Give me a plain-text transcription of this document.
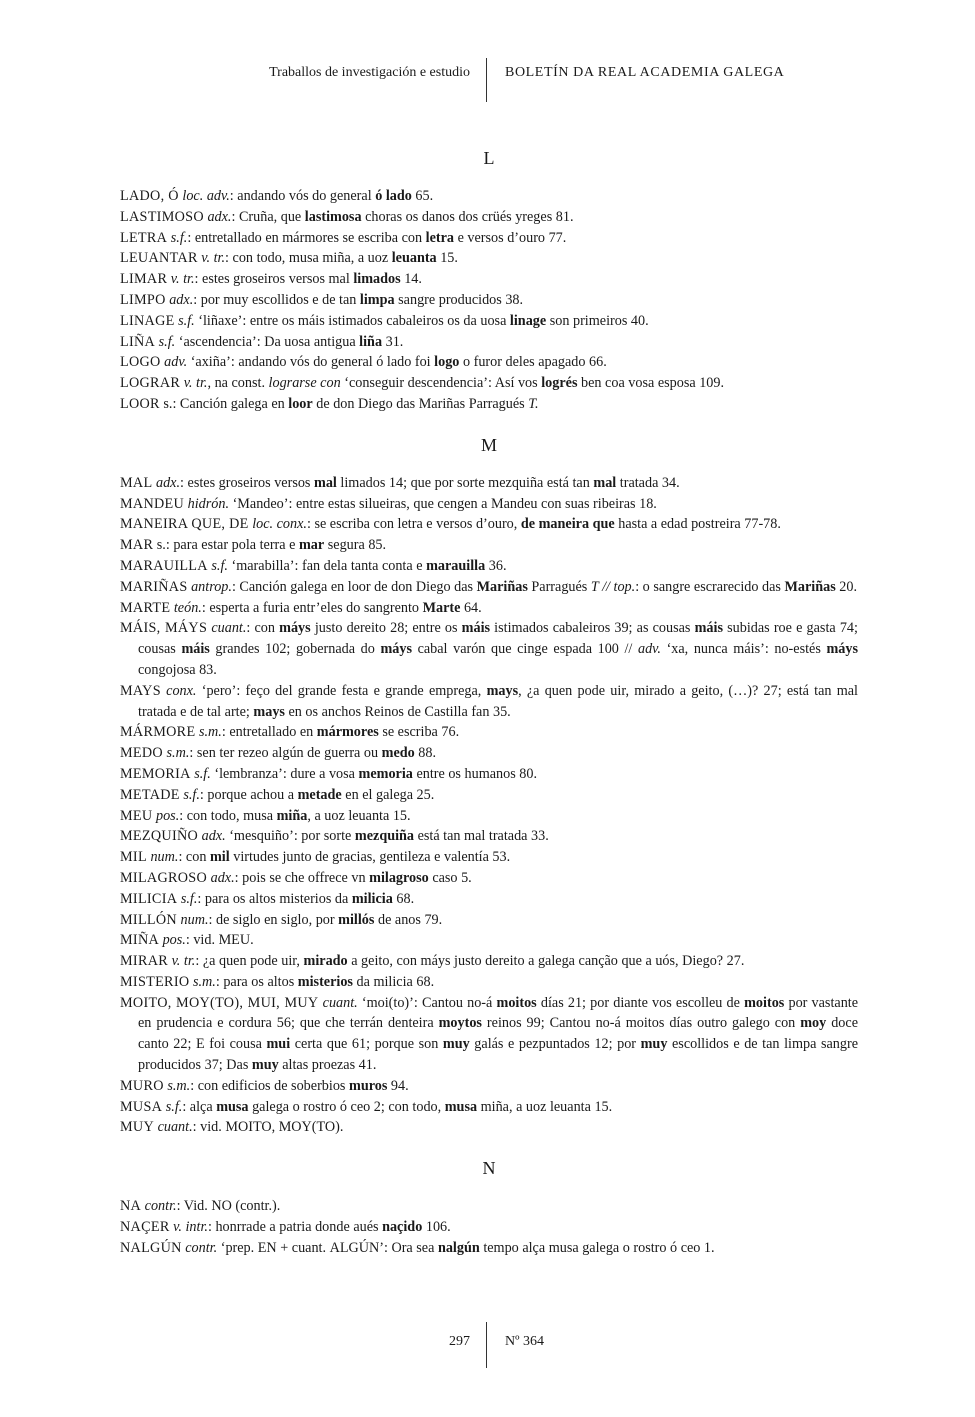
Traballos de investigación e estudio	BOLETÍN DA REAL ACADEMIA GALEGA
L
LADO, Ó loc. adv.: andando vós do general ó lado 65.
LASTIMOSO adx.: Cruña, que lastimosa choras os danos dos crüés yreges 81.
LETRA s.f.: entretallado en mármores se escriba con letra e versos d’ouro 77.
LEUANTAR v. tr.: con todo, musa miña, a uoz leuanta 15.
LIMAR v. tr.: estes groseiros versos mal limados 14.
LIMPO adx.: por muy escollidos e de tan limpa sangre producidos 38.
LINAGE s.f. ‘liñaxe’: entre os máis istimados cabaleiros os da uosa linage son primeiros 40.
LIÑA s.f. ‘ascendencia’: Da uosa antigua liña 31.
LOGO adv. ‘axiña’: andando vós do general ó lado foi logo o furor deles apagado 66.
LOGRAR v. tr., na const. lograrse con ‘conseguir descendencia’: Así vos logrés ben coa vosa esposa 109.
LOOR s.: Canción galega en loor de don Diego das Mariñas Parragués T.
M
MAL adx.: estes groseiros versos mal limados 14; que por sorte mezquiña está tan mal tratada 34.
MANDEU hidrón. ‘Mandeo’: entre estas silueiras, que cengen a Mandeu con suas ribeiras 18.
MANEIRA QUE, DE loc. conx.: se escriba con letra e versos d’ouro, de maneira que hasta a edad postreira 77-78.
MAR s.: para estar pola terra e mar segura 85.
MARAUILLA s.f. ‘marabilla’: fan dela tanta conta e marauilla 36.
MARIÑAS antrop.: Canción galega en loor de don Diego das Mariñas Parragués T // top.: o sangre escrarecido das Mariñas 20.
MARTE teón.: esperta a furia entr’eles do sangrento Marte 64.
MÁIS, MÁYS cuant.: con máys justo dereito 28; entre os máis istimados cabaleiros 39; as cousas máis subidas roe e gasta 74; cousas máis grandes 102; gobernada do máys cabal varón que cinge espada 100 // adv. ‘xa, nunca máis’: no-estés máys congojosa 83.
MAYS conx. ‘pero’: feço del grande festa e grande emprega, mays, ¿a quen pode uir, mirado a geito, (…)? 27; está tan mal tratada e de tal arte; mays en os anchos Reinos de Castilla fan 35.
MÁRMORE s.m.: entretallado en mármores se escriba 76.
MEDO s.m.: sen ter rezeo algún de guerra ou medo 88.
MEMORIA s.f. ‘lembranza’: dure a vosa memoria entre os humanos 80.
METADE s.f.: porque achou a metade en el galega 25.
MEU pos.: con todo, musa miña, a uoz leuanta 15.
MEZQUIÑO adx. ‘mesquiño’: por sorte mezquiña está tan mal tratada 33.
MIL num.: con mil virtudes junto de gracias, gentileza e valentía 53.
MILAGROSO adx.: pois se che offrece vn milagroso caso 5.
MILICIA s.f.: para os altos misterios da milicia 68.
MILLÓN num.: de siglo en siglo, por millós de anos 79.
MIÑA pos.: vid. MEU.
MIRAR v. tr.: ¿a quen pode uir, mirado a geito, con máys justo dereito a galega canção que a uós, Diego? 27.
MISTERIO s.m.: para os altos misterios da milicia 68.
MOITO, MOY(TO), MUI, MUY cuant. ‘moi(to)’: Cantou no-á moitos días 21; por diante vos escolleu de moitos por vastante en prudencia e cordura 56; que che terrán denteira moytos reinos 99; Cantou no-á moitos días outro galego con moy doce canto 22; E foi cousa mui certa que 61; porque son muy galás e pezpuntados 12; por muy escollidos e de tan limpa sangre producidos 37; Das muy altas proezas 41.
MURO s.m.: con edificios de soberbios muros 94.
MUSA s.f.: alça musa galega o rostro ó ceo 2; con todo, musa miña, a uoz leuanta 15.
MUY cuant.: vid. MOITO, MOY(TO).
N
NA contr.: Vid. NO (contr.).
NAÇER v. intr.: honrrade a patria donde aués naçido 106.
NALGÚN contr. ‘prep. EN + cuant. ALGÚN’: Ora sea nalgún tempo alça musa galega o rostro ó ceo 1.
297	Nº 364
